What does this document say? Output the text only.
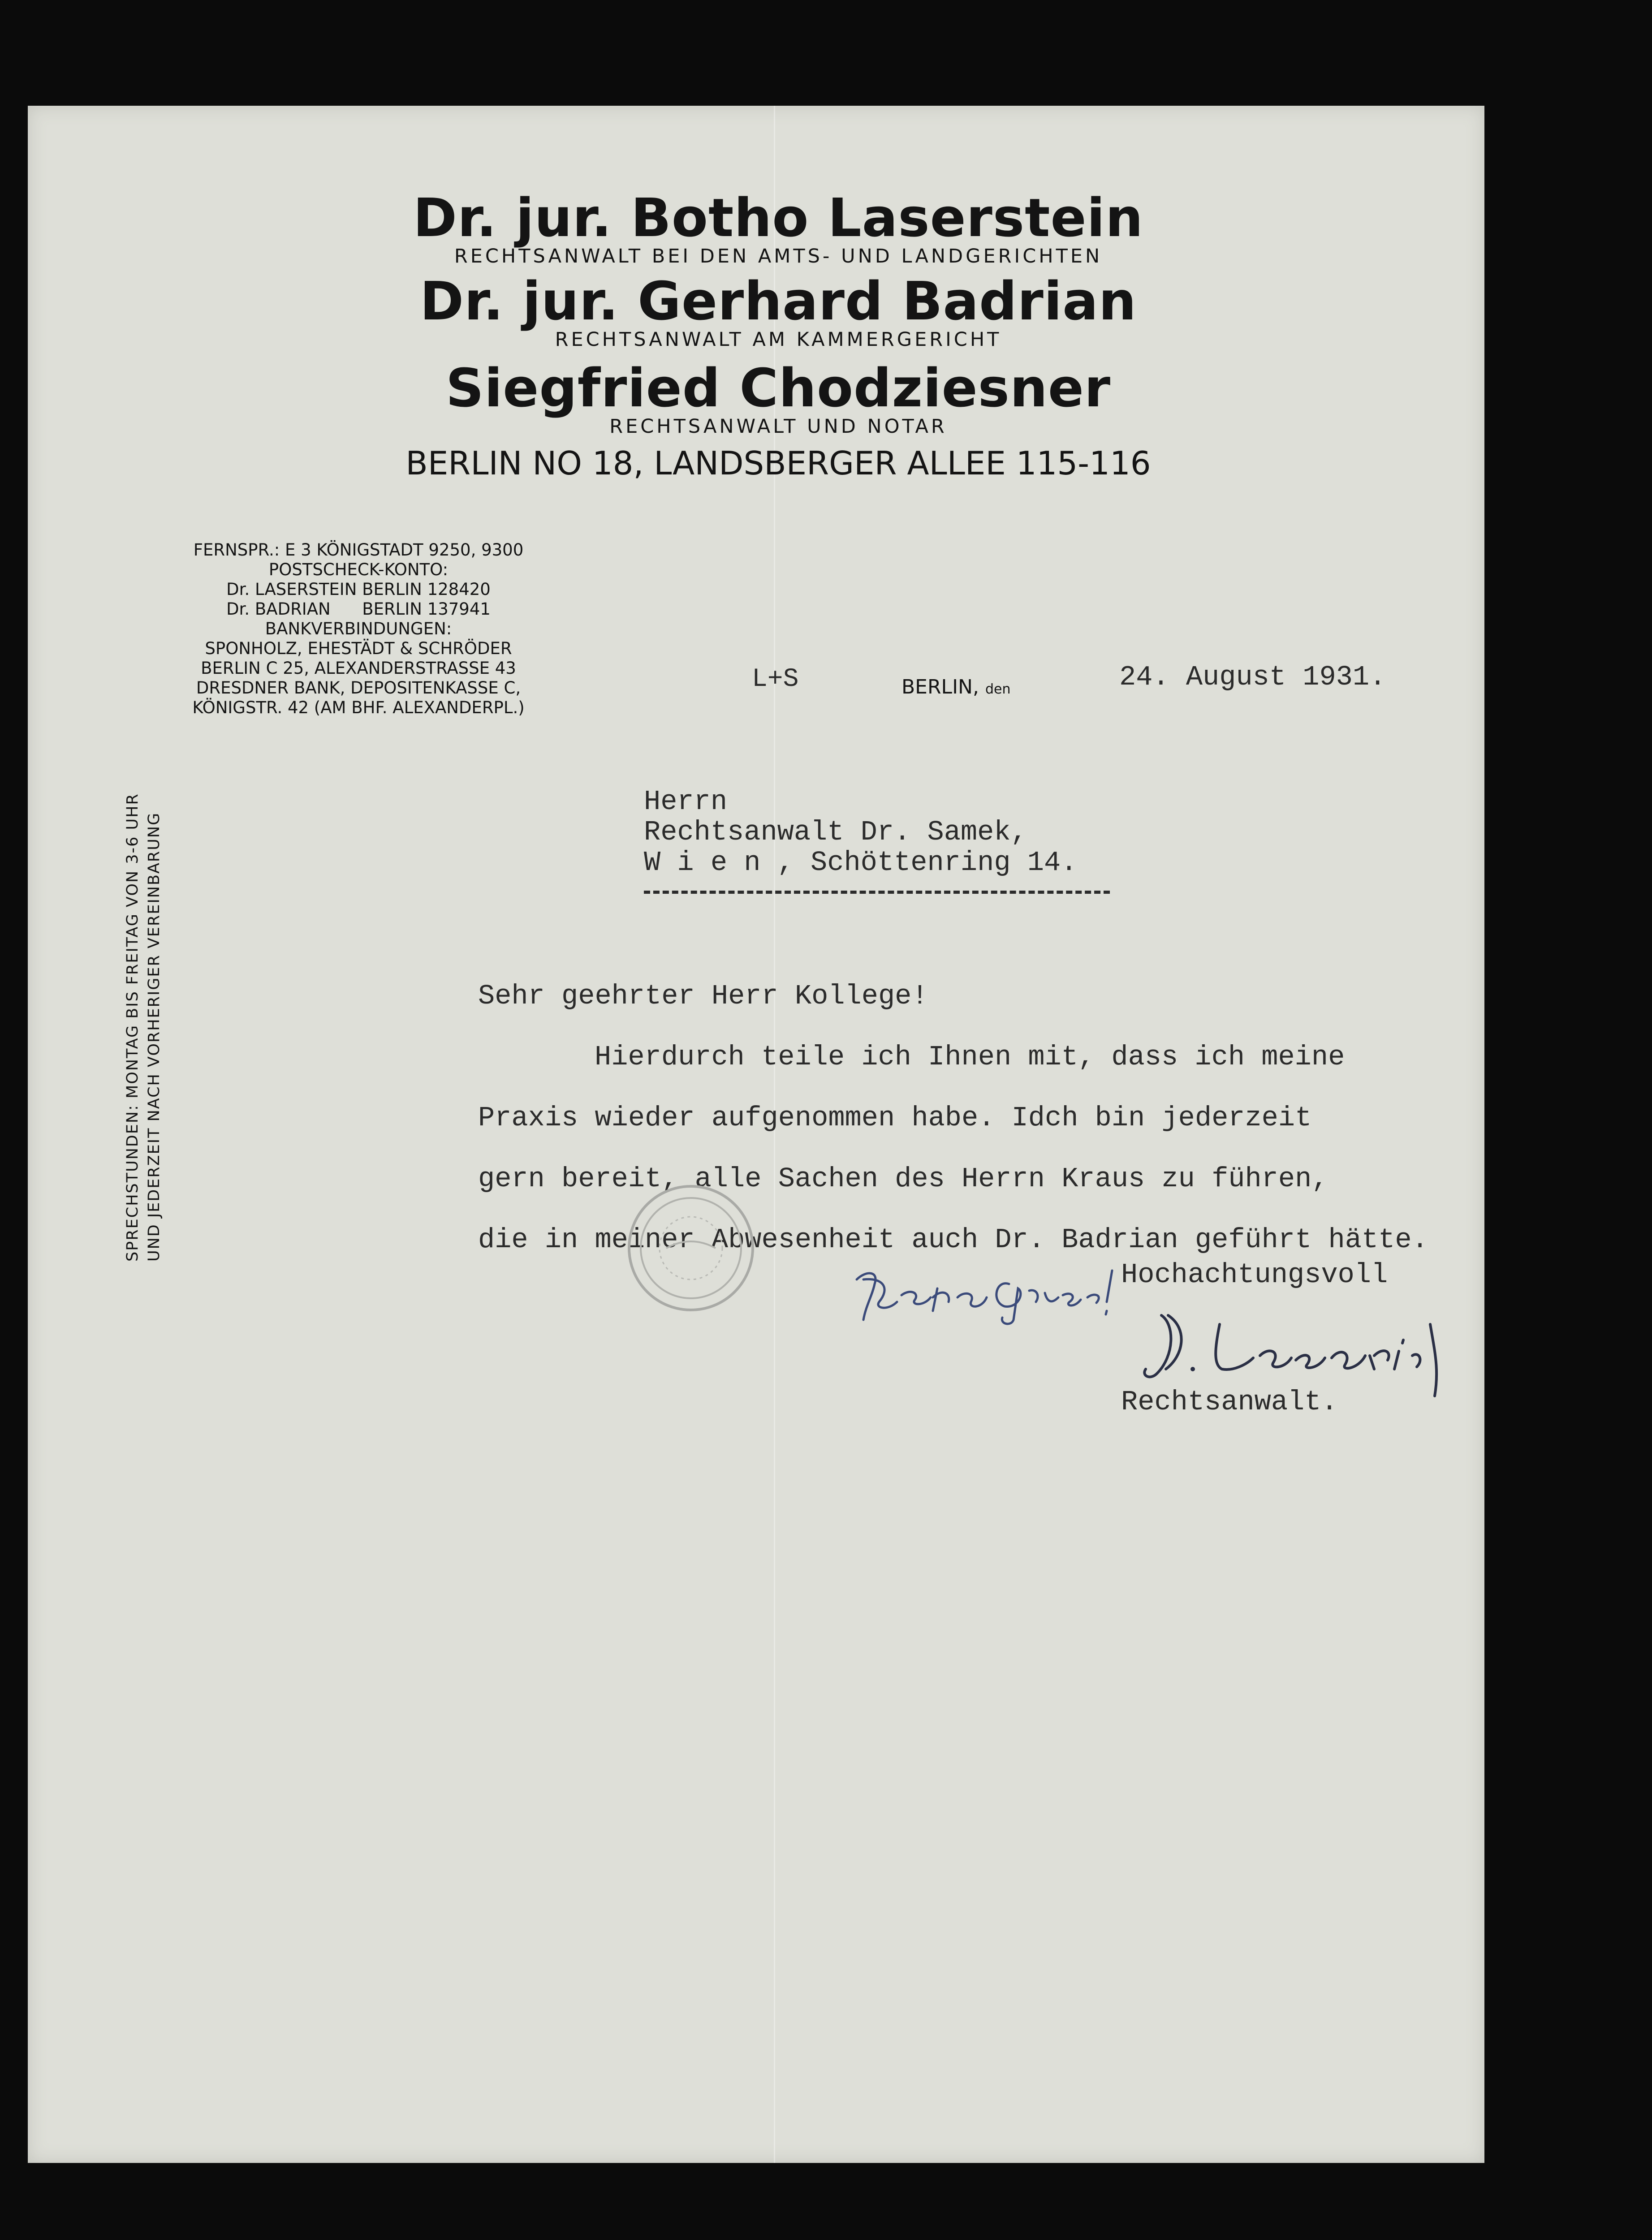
Dr. jur. Botho Laserstein
RECHTSANWALT BEI DEN AMTS- UND LANDGERICHTEN
Dr. jur. Gerhard Badrian
RECHTSANWALT AM KAMMERGERICHT
Siegfried Chodziesner
RECHTSANWALT UND NOTAR
BERLIN NO 18, LANDSBERGER ALLEE 115-116
FERNSPR.: E 3 KÖNIGSTADT 9250, 9300
POSTSCHECK-KONTO:
Dr. LASERSTEIN BERLIN 128420
Dr. BADRIAN      BERLIN 137941
BANKVERBINDUNGEN:
SPONHOLZ, EHESTÄDT & SCHRÖDER
BERLIN C 25, ALEXANDERSTRASSE 43
DRESDNER BANK, DEPOSITENKASSE C,
KÖNIGSTR. 42 (AM BHF. ALEXANDERPL.)
SPRECHSTUNDEN: MONTAG BIS FREITAG VON 3-6 UHR UND JEDERZEIT NACH VORHERIGER VEREINBARUNG
L+S	BERLIN, den	24. August 1931.
Herrn
Rechtsanwalt Dr. Samek,
W i e n , Schöttenring 14.
Sehr geehrter Herr Kollege!
Hierdurch teile ich Ihnen mit, dass ich meine
Praxis wieder aufgenommen habe. Idch bin jederzeit
gern bereit, alle Sachen des Herrn Kraus zu führen,
die in meiner Abwesenheit auch Dr. Badrian geführt hätte.
Hochachtungsvoll
Rechtsanwalt.
